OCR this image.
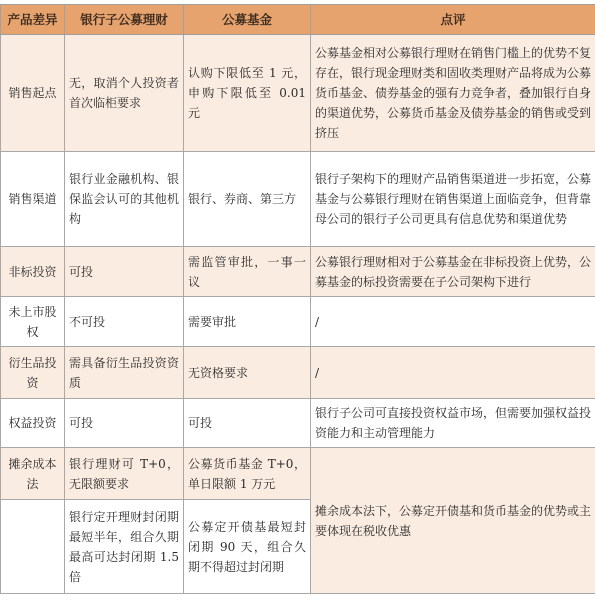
产品差异	银行子公募理财	公募基金	点评
销售起点	无，取消个人投资者首次临柜要求	认购下限低至 1 元，申购下限低至 0.01 元	公募基金相对公募银行理财在销售门槛上的优势不复存在，银行现金理财类和固收类理财产品将成为公募货币基金、债券基金的强有力竞争者，叠加银行自身的渠道优势，公募货币基金及债券基金的销售或受到挤压
销售渠道	银行业金融机构、银保监会认可的其他机构	银行、券商、第三方	银行子架构下的理财产品销售渠道进一步拓宽，公募基金与公募银行理财在销售渠道上面临竞争，但背靠母公司的银行子公司更具有信息优势和渠道优势
非标投资	可投	需监管审批，一事一议	公募银行理财相对于公募基金在非标投资上优势，公募基金的标投资需要在子公司架构下进行
未上市股权	不可投	需要审批	/
衍生品投资	需具备衍生品投资资质	无资格要求	/
权益投资	可投	可投	银行子公司可直接投资权益市场，但需要加强权益投资能力和主动管理能力
摊余成本法	银行理财可 T+0，无限额要求	公募货币基金 T+0，单日限额 1 万元	摊余成本法下，公募定开债基和货币基金的优势或主要体现在税收优惠
	银行定开理财封闭期最短半年，组合久期最高可达封闭期 1.5 倍	公募定开债基最短封闭期 90 天，组合久期不得超过封闭期	
